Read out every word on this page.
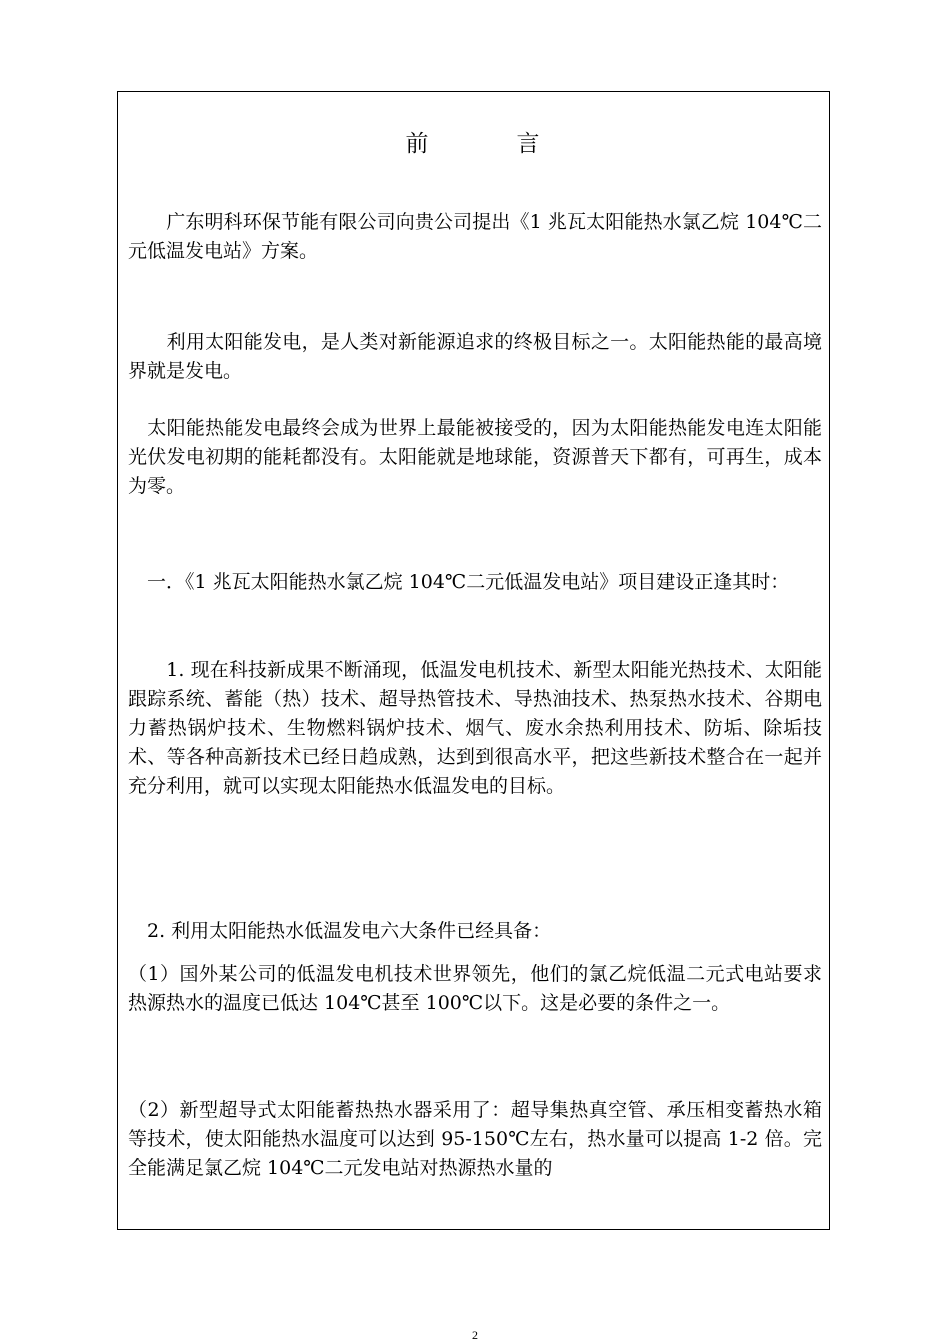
前	言

　　广东明科环保节能有限公司向贵公司提出《1 兆瓦太阳能热水氯乙烷 104℃二元低温发电站》方案。

　　利用太阳能发电，是人类对新能源追求的终极目标之一。太阳能热能的最高境界就是发电。

　太阳能热能发电最终会成为世界上最能被接受的，因为太阳能热能发电连太阳能光伏发电初期的能耗都没有。太阳能就是地球能，资源普天下都有，可再生，成本为零。

　一．《1 兆瓦太阳能热水氯乙烷 104℃二元低温发电站》项目建设正逢其时：

　　1. 现在科技新成果不断涌现，低温发电机技术、新型太阳能光热技术、太阳能跟踪系统、蓄能（热）技术、超导热管技术、导热油技术、热泵热水技术、谷期电力蓄热锅炉技术、生物燃料锅炉技术、烟气、废水余热利用技术、防垢、除垢技术、等各种高新技术已经日趋成熟，达到到很高水平，把这些新技术整合在一起并充分利用，就可以实现太阳能热水低温发电的目标。

　2. 利用太阳能热水低温发电六大条件已经具备：

（1）国外某公司的低温发电机技术世界领先，他们的氯乙烷低温二元式电站要求热源热水的温度已低达 104℃甚至 100℃以下。这是必要的条件之一。

（2）新型超导式太阳能蓄热热水器采用了：超导集热真空管、承压相变蓄热水箱等技术，使太阳能热水温度可以达到 95-150℃左右，热水量可以提高 1-2 倍。完全能满足氯乙烷 104℃二元发电站对热源热水量的

2
